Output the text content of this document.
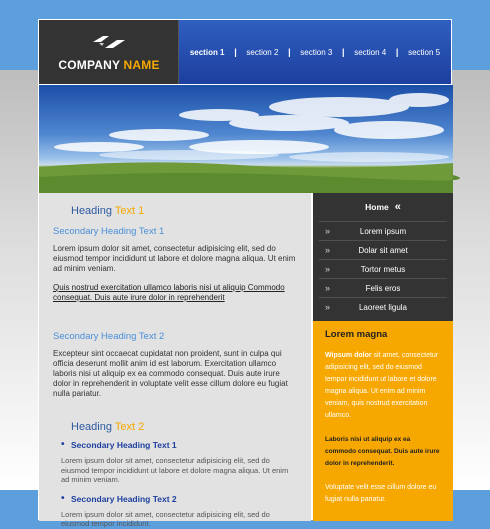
COMPANY NAME
section 1 | section 2 | section 3 | section 4 | section 5
Heading Text 1
Secondary Heading Text 1
Lorem ipsum dolor sit amet, consectetur adipisicing elit, sed do eiusmod tempor incididunt ut labore et dolore magna aliqua. Ut enim ad minim veniam.
Quis nostrud exercitation ullamco laboris nisi ut aliquip Commodo consequat. Duis aute irure dolor in reprehenderit
Secondary Heading Text 2
Excepteur sint occaecat cupidatat non proident, sunt in culpa qui officia deserunt mollit anim id est laborum. Exercitation ullamco laboris nisi ut aliquip ex ea commodo consequat. Duis aute irure dolor in reprehenderit in voluptate velit esse cillum dolore eu fugiat nulla pariatur.
Heading Text 2
• Secondary Heading Text 1
Lorem ipsum dolor sit amet, consectetur adipisicing elit, sed do eiusmod tempor incididunt ut labore et dolore magna aliqua. Ut enim ad minim veniam.
• Secondary Heading Text 2
Lorem ipsum dolor sit amet, consectetur adipisicing elit, sed do eiusmod tempor incididunt.
Home «
»	Lorem ipsum
»	Dolar sit amet
»	Tortor metus
»	Felis eros
»	Laoreet ligula
Lorem magna
Wipsum dolor sit amet, consectetur adipisicing elit, sed do eiusmod tempor incididunt ut labore et dolore magna aliqua. Ut enim ad minim veniam, quis nostrud exercitation ullamco.
Laboris nisi ut aliquip ex ea commodo consequat. Duis aute irure dolor in reprehenderit.
Voluptate velit esse cillum dolore eu fugiat nulla pariatur.
